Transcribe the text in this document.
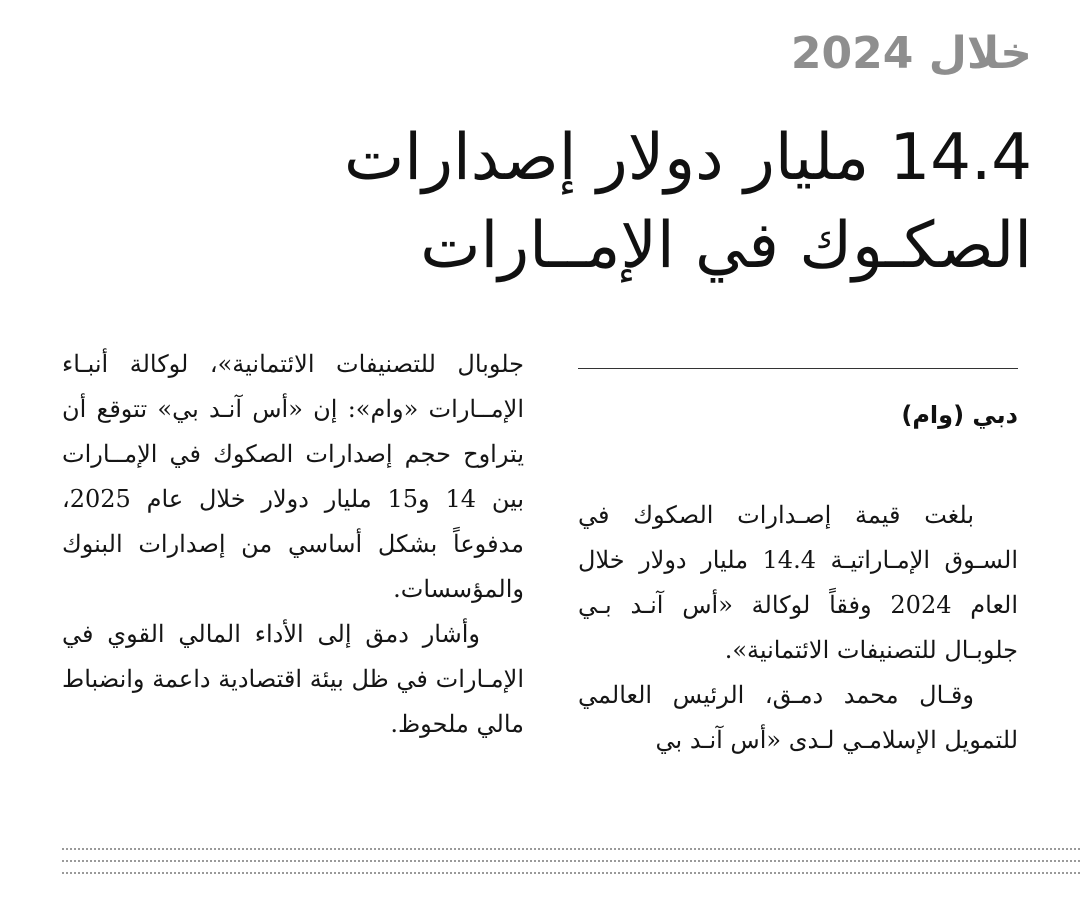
خلال 2024
14.4 مليار دولار إصدارات
الصكـوك في الإمــارات
دبي (وام)

بلغت قيمة إصـدارات الصكوك في السـوق الإمـاراتيـة 14.4 مليار دولار خلال العام 2024 وفقاً لوكالة «أس آنـد بـي جلوبـال للتصنيفات الائتمانية».

وقـال محمد دمـق، الرئيس العالمي للتمويل الإسلامـي لـدى «أس آنـد بي

جلوبال للتصنيفات الائتمانية»، لوكالة أنبـاء الإمــارات «وام»: إن «أس آنـد بي» تتوقع أن يتراوح حجم إصدارات الصكوك في الإمــارات بين 14 و15 مليار دولار خلال عام 2025، مدفوعاً بشكل أساسي من إصدارات البنوك والمؤسسات.

وأشار دمق إلى الأداء المالي القوي في الإمـارات في ظل بيئة اقتصادية داعمة وانضباط مالي ملحوظ.
